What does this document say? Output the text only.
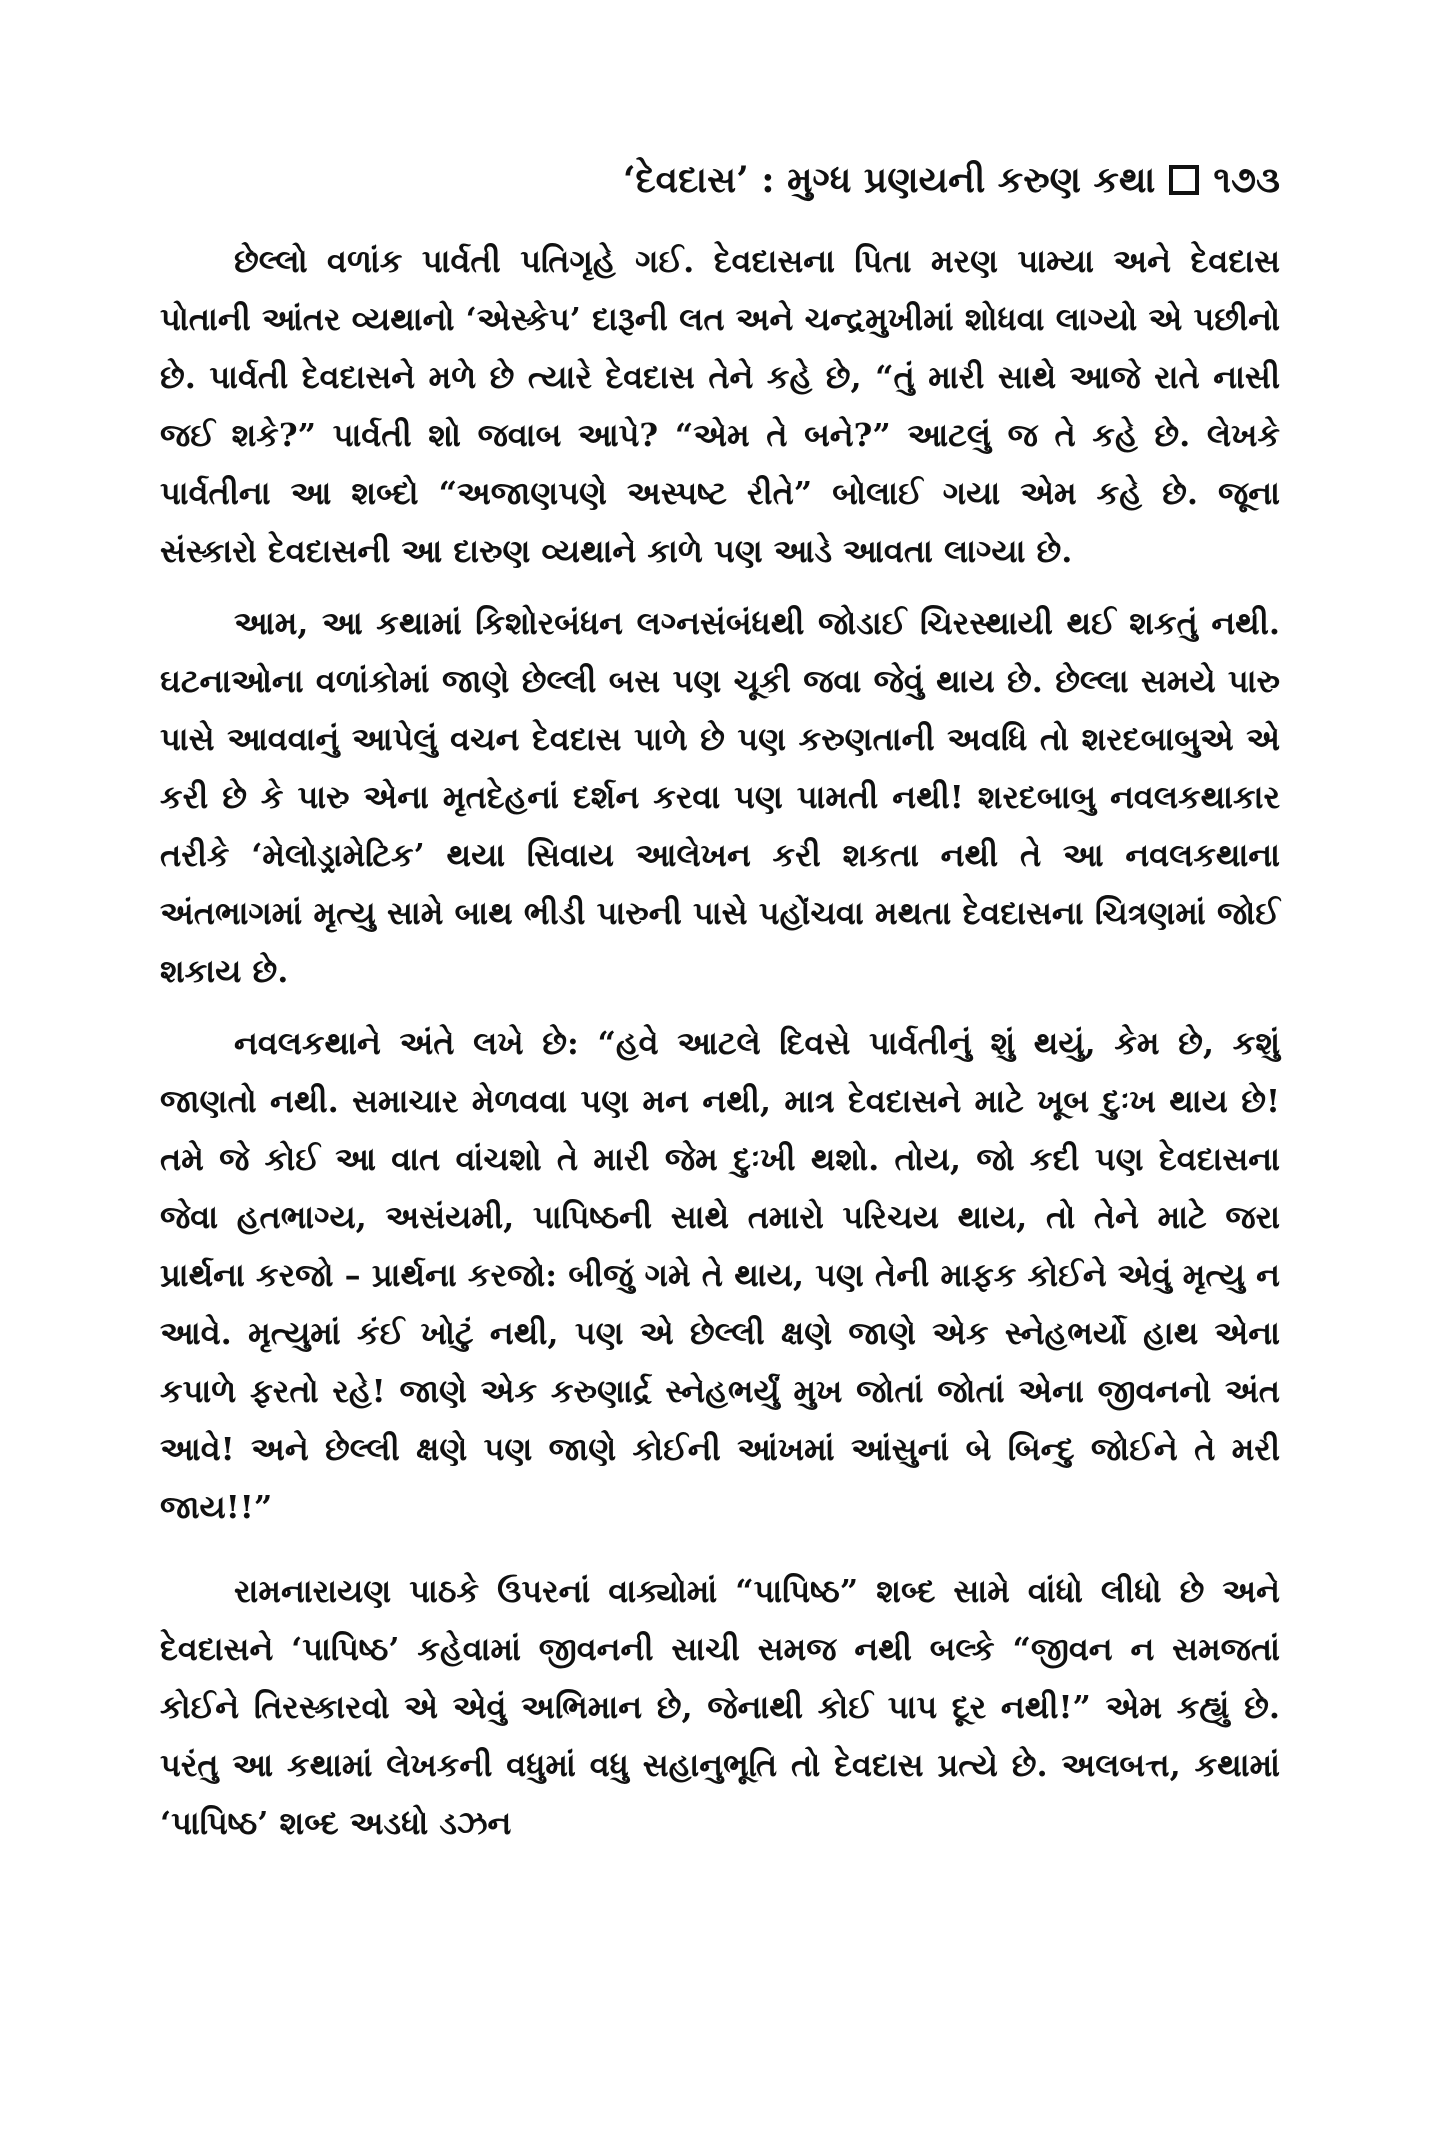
‘દેવદાસ’ : મુગ્ધ પ્રણયની કરુણ કથા ૧૭૩

છેલ્લો વળાંક પાર્વતી પતિગૃહે ગઈ. દેવદાસના પિતા મરણ પામ્યા અને દેવદાસ પોતાની આંતર વ્યથાનો ‘એસ્કેપ’ દારૂની લત અને ચન્દ્રમુખીમાં શોધવા લાગ્યો એ પછીનો છે. પાર્વતી દેવદાસને મળે છે ત્યારે દેવદાસ તેને કહે છે, “તું મારી સાથે આજે રાતે નાસી જઈ શકે?” પાર્વતી શો જવાબ આપે? “એમ તે બને?” આટલું જ તે કહે છે. લેખકે પાર્વતીના આ શબ્દો “અજાણપણે અસ્પષ્ટ રીતે” બોલાઈ ગયા એમ કહે છે. જૂના સંસ્કારો દેવદાસની આ દારુણ વ્યથાને કાળે પણ આડે આવતા લાગ્યા છે.

આમ, આ કથામાં કિશોરબંધન લગ્નસંબંધથી જોડાઈ ચિરસ્થાયી થઈ શકતું નથી. ઘટનાઓના વળાંકોમાં જાણે છેલ્લી બસ પણ ચૂકી જવા જેવું થાય છે. છેલ્લા સમયે પારુ પાસે આવવાનું આપેલું વચન દેવદાસ પાળે છે પણ કરુણતાની અવધિ તો શરદબાબુએ એ કરી છે કે પારુ એના મૃતદેહનાં દર્શન કરવા પણ પામતી નથી! શરદબાબુ નવલકથાકાર તરીકે ‘મેલોડ્રામેટિક’ થયા સિવાય આલેખન કરી શકતા નથી તે આ નવલકથાના અંતભાગમાં મૃત્યુ સામે બાથ ભીડી પારુની પાસે પહોંચવા મથતા દેવદાસના ચિત્રણમાં જોઈ શકાય છે.

નવલકથાને અંતે લખે છે: “હવે આટલે દિવસે પાર્વતીનું શું થયું, કેમ છે, કશું જાણતો નથી. સમાચાર મેળવવા પણ મન નથી, માત્ર દેવદાસને માટે ખૂબ દુઃખ થાય છે! તમે જે કોઈ આ વાત વાંચશો તે મારી જેમ દુઃખી થશો. તોય, જો કદી પણ દેવદાસના જેવા હતભાગ્ય, અસંયમી, પાપિષ્ઠની સાથે તમારો પરિચય થાય, તો તેને માટે જરા પ્રાર્થના કરજો – પ્રાર્થના કરજો: બીજું ગમે તે થાય, પણ તેની માફક કોઈને એવું મૃત્યુ ન આવે. મૃત્યુમાં કંઈ ખોટું નથી, પણ એ છેલ્લી ક્ષણે જાણે એક સ્નેહભર્યો હાથ એના કપાળે ફરતો રહે! જાણે એક કરુણાર્દ્ર સ્નેહભર્યું મુખ જોતાં જોતાં એના જીવનનો અંત આવે! અને છેલ્લી ક્ષણે પણ જાણે કોઈની આંખમાં આંસુનાં બે બિન્દુ જોઈને તે મરી જાય!!”

રામનારાયણ પાઠકે ઉપરનાં વાક્યોમાં “પાપિષ્ઠ” શબ્દ સામે વાંધો લીધો છે અને દેવદાસને ‘પાપિષ્ઠ’ કહેવામાં જીવનની સાચી સમજ નથી બલ્કે “જીવન ન સમજતાં કોઈને તિરસ્કારવો એ એવું અભિમાન છે, જેનાથી કોઈ પાપ દૂર નથી!” એમ કહ્યું છે. પરંતુ આ કથામાં લેખકની વધુમાં વધુ સહાનુભૂતિ તો દેવદાસ પ્રત્યે છે. અલબત્ત, કથામાં ‘પાપિષ્ઠ’ શબ્દ અડધો ડઝન
